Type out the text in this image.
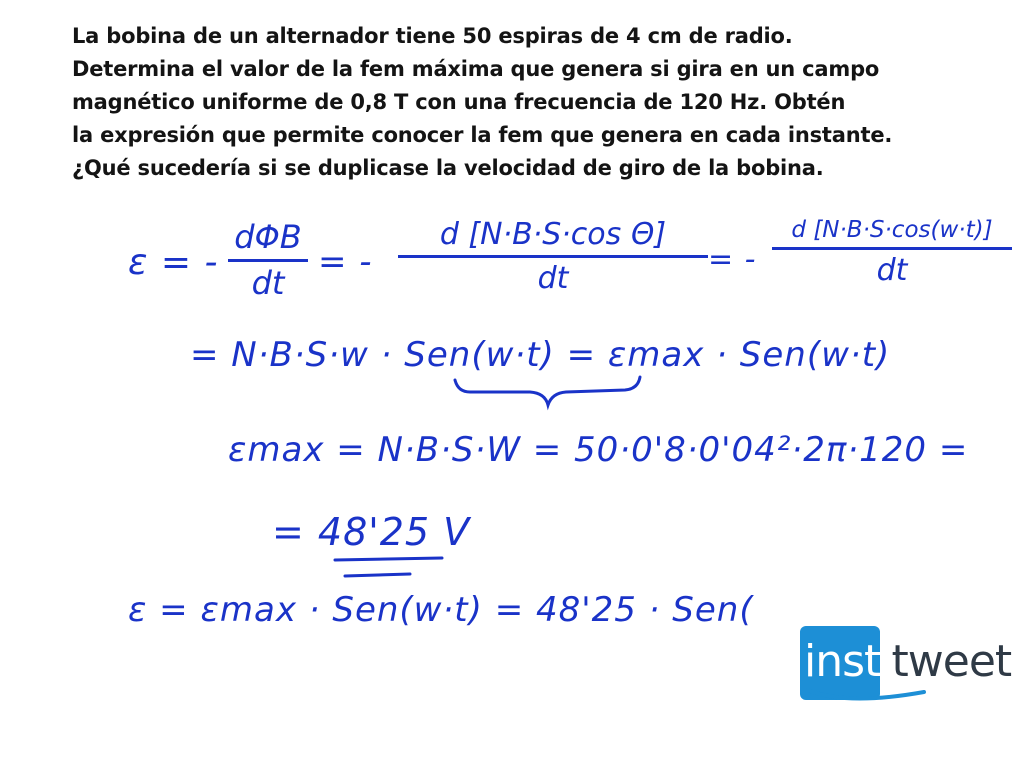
La bobina de un alternador tiene 50 espiras de 4 cm de radio.
Determina el valor de la fem máxima que genera si gira en un campo
magnético uniforme de 0,8 T con una frecuencia de 120 Hz. Obtén
la expresión que permite conocer la fem que genera en cada instante.
¿Qué sucedería si se duplicase la velocidad de giro de la bobina.
ε = -
dΦB
dt
= -
d [N·B·S·cos Θ]
dt
= -
d [N·B·S·cos(w·t)]
dt
= N·B·S·w · Sen(w·t) = εmax · Sen(w·t)
εmax = N·B·S·W = 50·0'8·0'04²·2π·120 =
= 48'25 V
ε = εmax · Sen(w·t) = 48'25 · Sen(
institweet
